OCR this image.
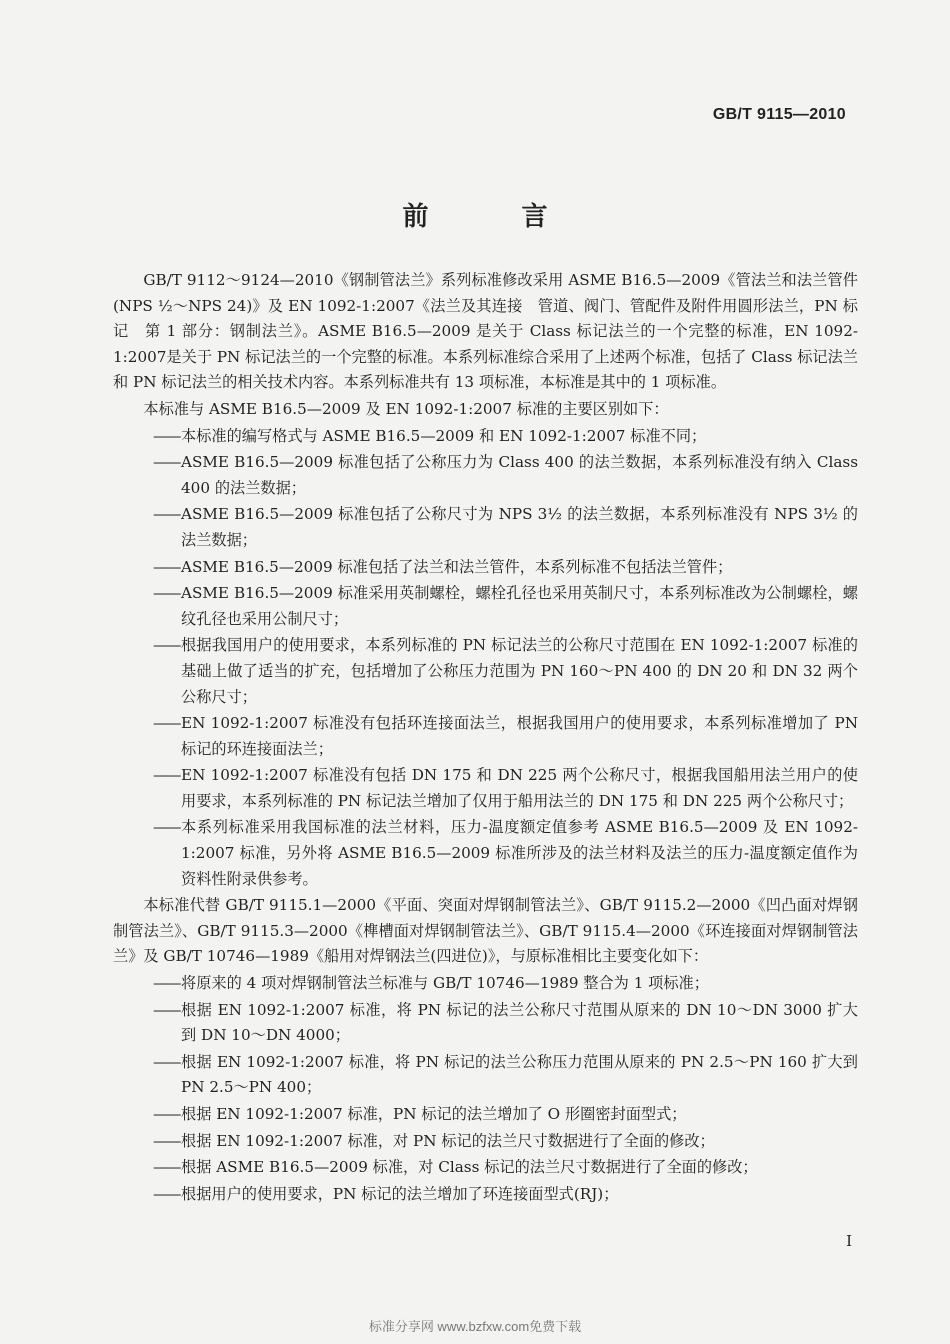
GB/T 9115—2010
前 言

GB/T 9112～9124—2010《钢制管法兰》系列标准修改采用 ASME B16.5—2009《管法兰和法兰管件(NPS ½～NPS 24)》及 EN 1092-1:2007《法兰及其连接　管道、阀门、管配件及附件用圆形法兰，PN 标记　第 1 部分：钢制法兰》。ASME B16.5—2009 是关于 Class 标记法兰的一个完整的标准，EN 1092-1:2007是关于 PN 标记法兰的一个完整的标准。本系列标准综合采用了上述两个标准，包括了 Class 标记法兰和 PN 标记法兰的相关技术内容。本系列标准共有 13 项标准，本标准是其中的 1 项标准。

本标准与 ASME B16.5—2009 及 EN 1092-1:2007 标准的主要区别如下：

——
本标准的编写格式与 ASME B16.5—2009 和 EN 1092-1:2007 标准不同；
——
ASME B16.5—2009 标准包括了公称压力为 Class 400 的法兰数据，本系列标准没有纳入 Class 400 的法兰数据；
——
ASME B16.5—2009 标准包括了公称尺寸为 NPS 3½ 的法兰数据，本系列标准没有 NPS 3½ 的法兰数据；
——
ASME B16.5—2009 标准包括了法兰和法兰管件，本系列标准不包括法兰管件；
——
ASME B16.5—2009 标准采用英制螺栓，螺栓孔径也采用英制尺寸，本系列标准改为公制螺栓，螺纹孔径也采用公制尺寸；
——
根据我国用户的使用要求，本系列标准的 PN 标记法兰的公称尺寸范围在 EN 1092-1:2007 标准的基础上做了适当的扩充，包括增加了公称压力范围为 PN 160～PN 400 的 DN 20 和 DN 32 两个公称尺寸；
——
EN 1092-1:2007 标准没有包括环连接面法兰，根据我国用户的使用要求，本系列标准增加了 PN 标记的环连接面法兰；
——
EN 1092-1:2007 标准没有包括 DN 175 和 DN 225 两个公称尺寸，根据我国船用法兰用户的使用要求，本系列标准的 PN 标记法兰增加了仅用于船用法兰的 DN 175 和 DN 225 两个公称尺寸；
——
本系列标准采用我国标准的法兰材料，压力-温度额定值参考 ASME B16.5—2009 及 EN 1092-1:2007 标准，另外将 ASME B16.5—2009 标准所涉及的法兰材料及法兰的压力-温度额定值作为资料性附录供参考。

本标准代替 GB/T 9115.1—2000《平面、突面对焊钢制管法兰》、GB/T 9115.2—2000《凹凸面对焊钢制管法兰》、GB/T 9115.3—2000《榫槽面对焊钢制管法兰》、GB/T 9115.4—2000《环连接面对焊钢制管法兰》及 GB/T 10746—1989《船用对焊钢法兰(四进位)》，与原标准相比主要变化如下：

——
将原来的 4 项对焊钢制管法兰标准与 GB/T 10746—1989 整合为 1 项标准；
——
根据 EN 1092-1:2007 标准，将 PN 标记的法兰公称尺寸范围从原来的 DN 10～DN 3000 扩大到 DN 10～DN 4000；
——
根据 EN 1092-1:2007 标准，将 PN 标记的法兰公称压力范围从原来的 PN 2.5～PN 160 扩大到 PN 2.5～PN 400；
——
根据 EN 1092-1:2007 标准，PN 标记的法兰增加了 O 形圈密封面型式；
——
根据 EN 1092-1:2007 标准，对 PN 标记的法兰尺寸数据进行了全面的修改；
——
根据 ASME B16.5—2009 标准，对 Class 标记的法兰尺寸数据进行了全面的修改；
——
根据用户的使用要求，PN 标记的法兰增加了环连接面型式(RJ)；
I
标准分享网 www.bzfxw.com免费下载
